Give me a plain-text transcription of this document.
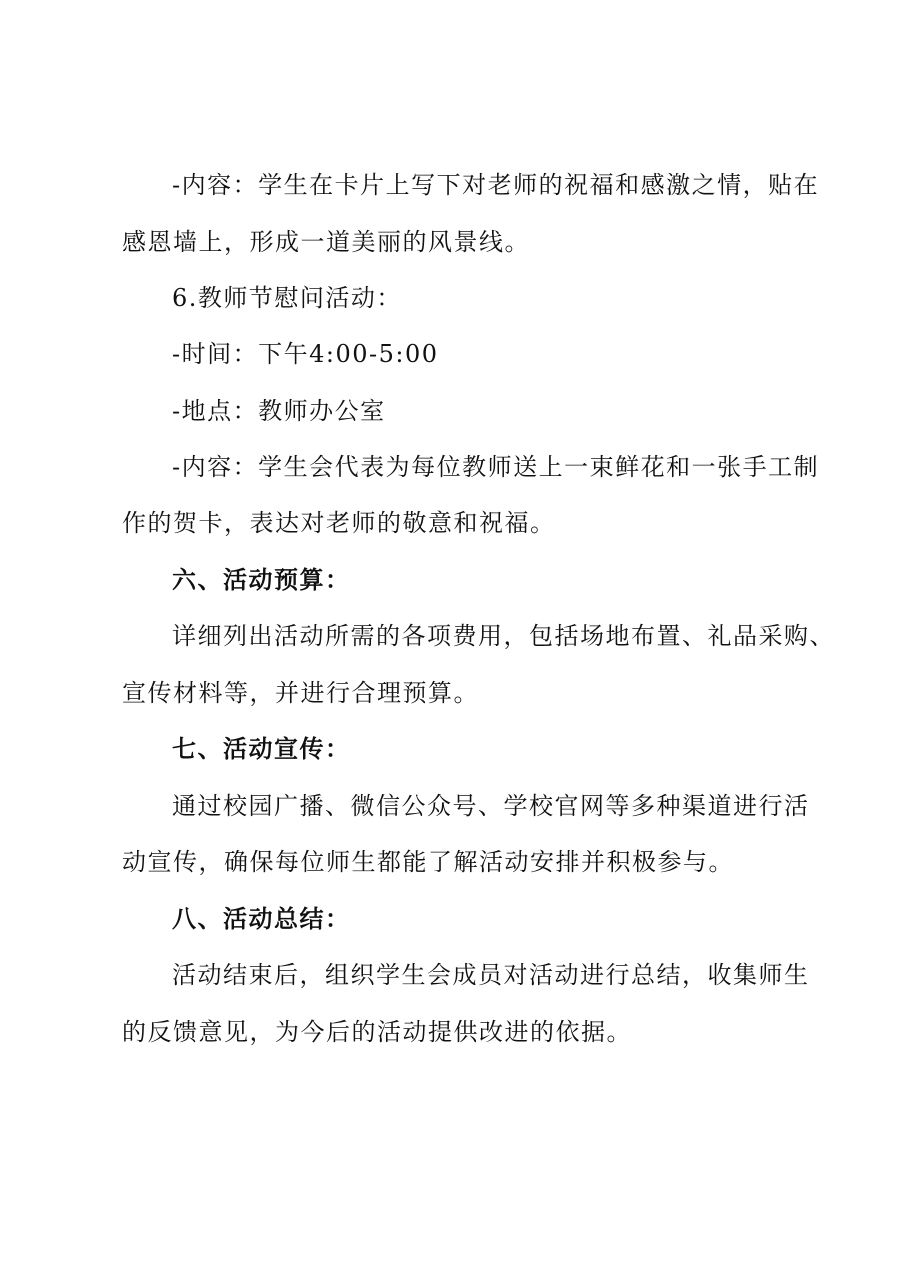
-内容：学生在卡片上写下对老师的祝福和感激之情，贴在
感恩墙上，形成一道美丽的风景线。
6.教师节慰问活动：
-时间：下午4:00-5:00
-地点：教师办公室
-内容：学生会代表为每位教师送上一束鲜花和一张手工制
作的贺卡，表达对老师的敬意和祝福。
六、活动预算：
详细列出活动所需的各项费用，包括场地布置、礼品采购、
宣传材料等，并进行合理预算。
七、活动宣传：
通过校园广播、微信公众号、学校官网等多种渠道进行活
动宣传，确保每位师生都能了解活动安排并积极参与。
八、活动总结：
活动结束后，组织学生会成员对活动进行总结，收集师生
的反馈意见，为今后的活动提供改进的依据。
